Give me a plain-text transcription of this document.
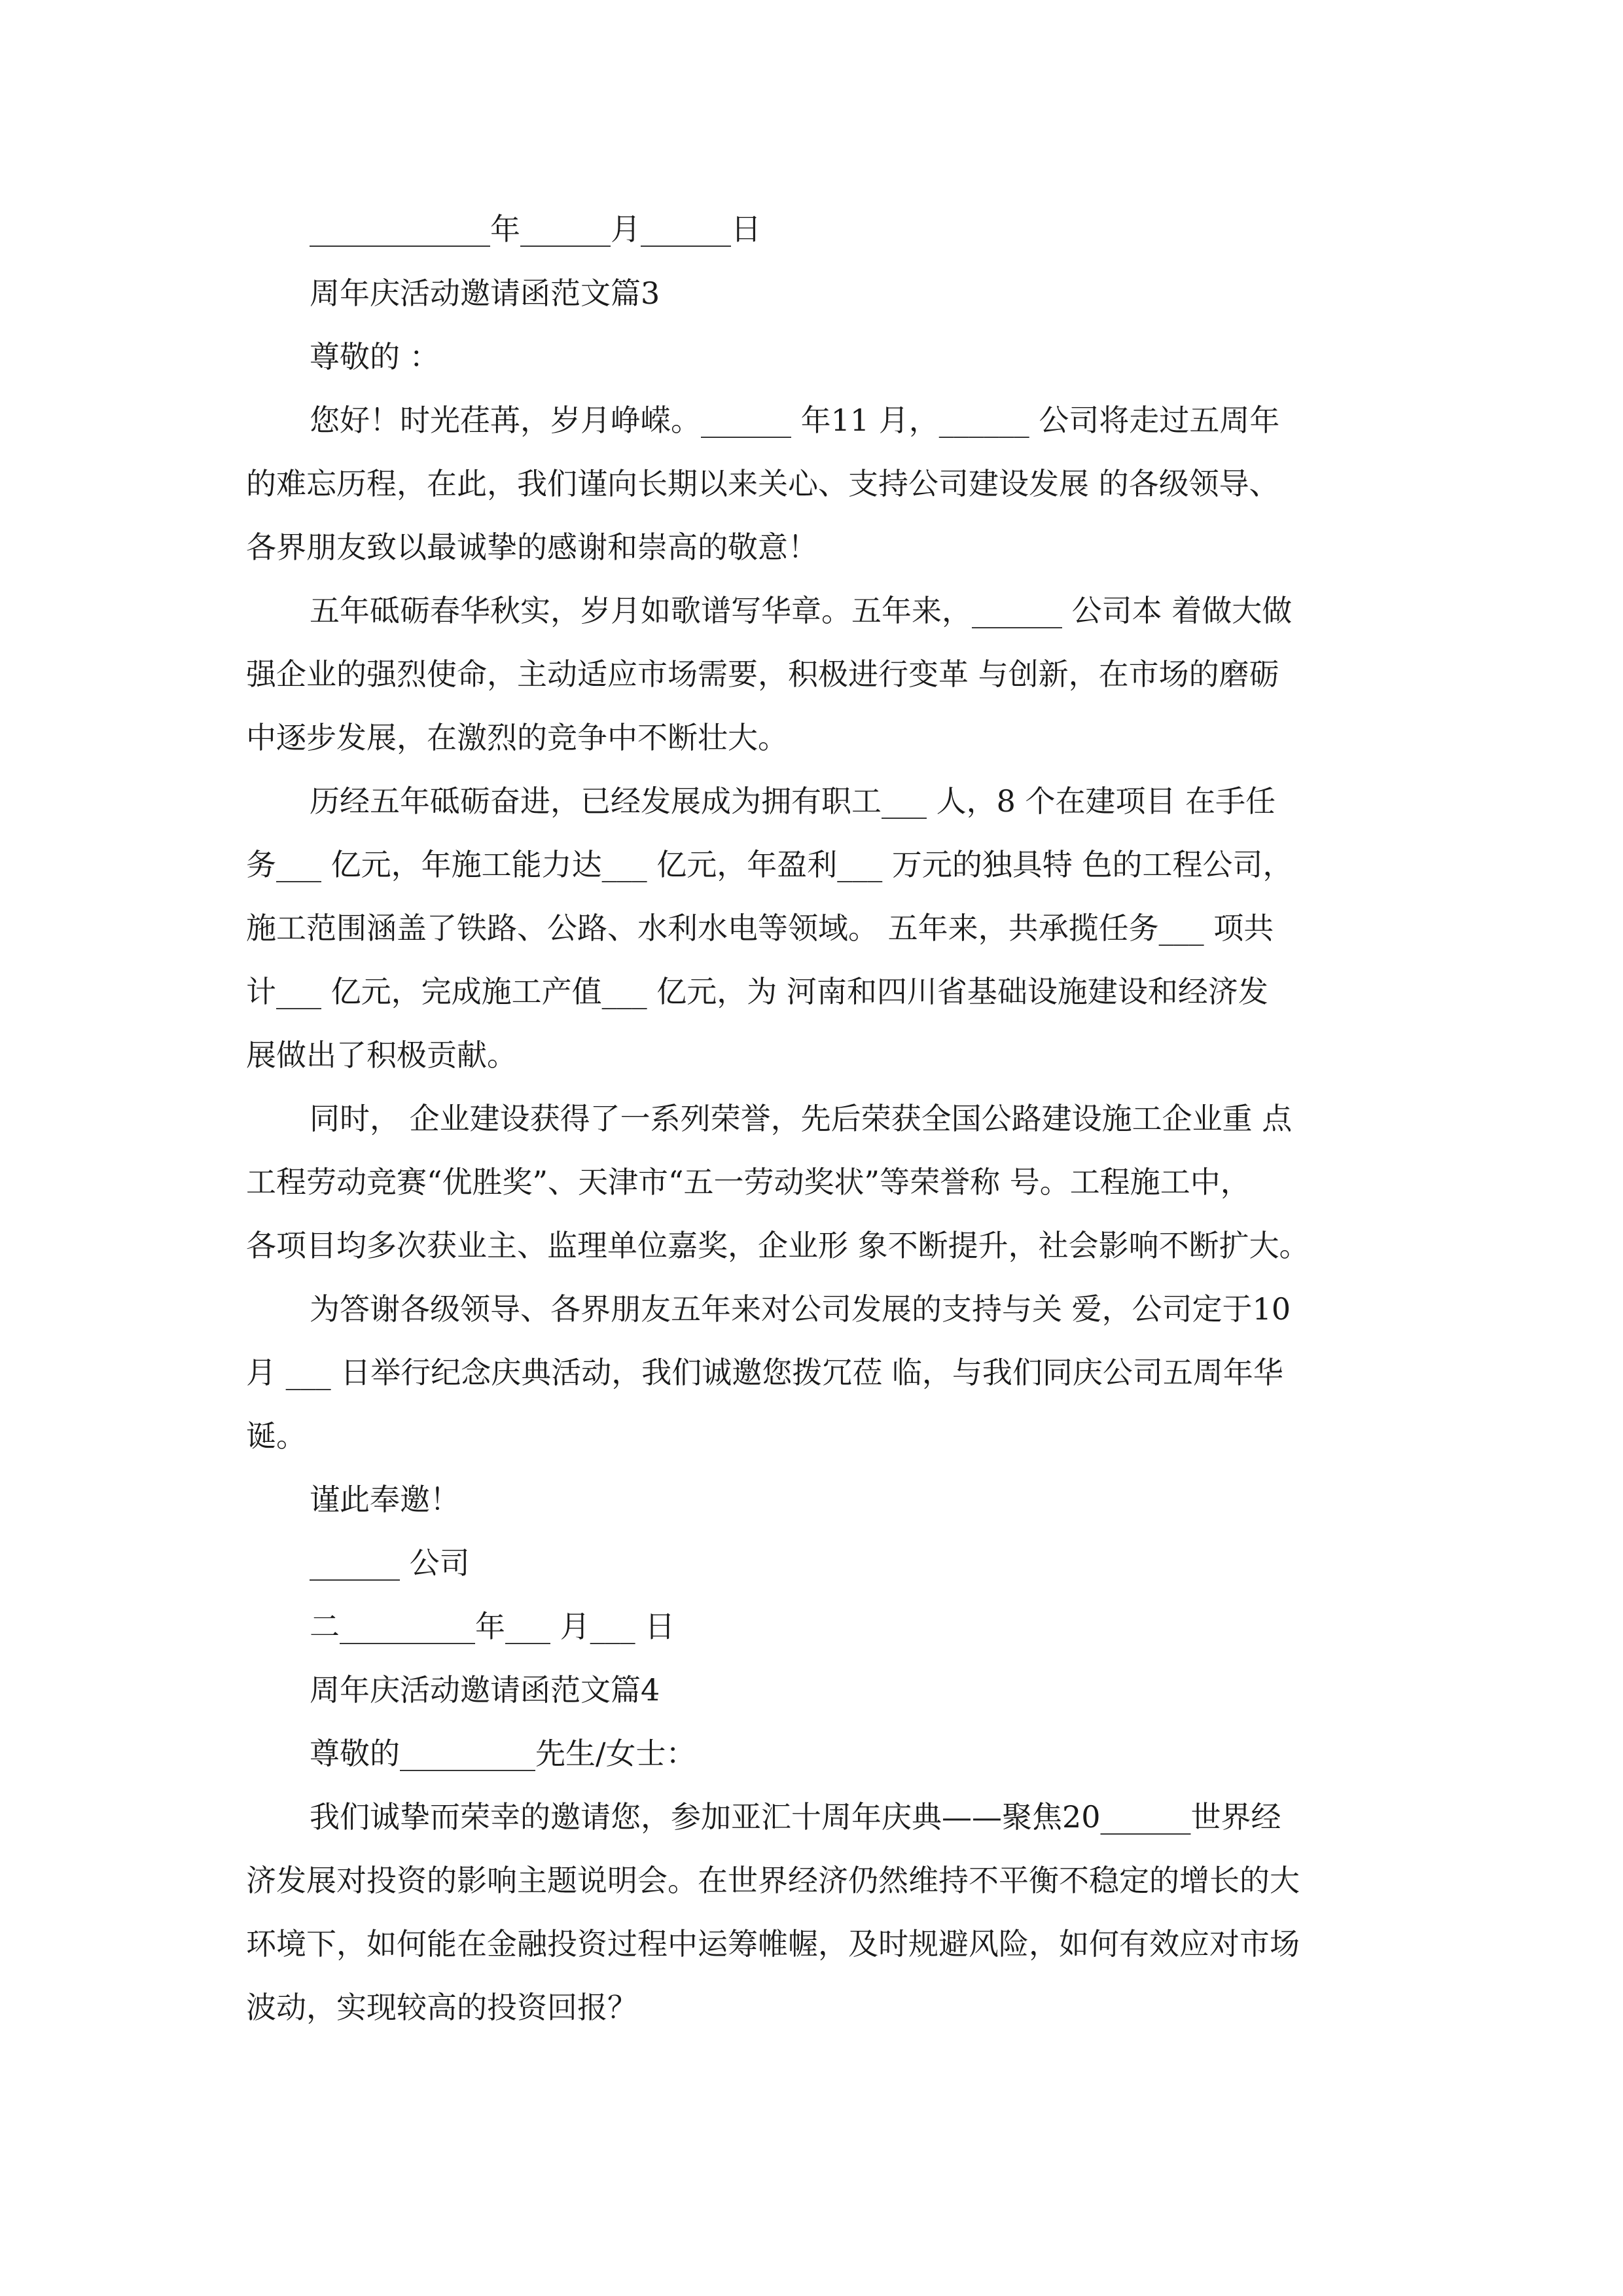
____________年______月______日

周年庆活动邀请函范文篇3

尊敬的 ：

您好！时光荏苒，岁月峥嵘。______ 年11 月，______ 公司将走过五周年

的难忘历程，在此，我们谨向长期以来关心、支持公司建设发展 的各级领导、

各界朋友致以最诚挚的感谢和崇高的敬意！

五年砥砺春华秋实，岁月如歌谱写华章。五年来，______ 公司本 着做大做

强企业的强烈使命，主动适应市场需要，积极进行变革 与创新，在市场的磨砺

中逐步发展，在激烈的竞争中不断壮大。

历经五年砥砺奋进，已经发展成为拥有职工___ 人，8 个在建项目 在手任

务___ 亿元，年施工能力达___ 亿元，年盈利___ 万元的独具特 色的工程公司，

施工范围涵盖了铁路、公路、水利水电等领域。 五年来，共承揽任务___ 项共

计___ 亿元，完成施工产值___ 亿元，为 河南和四川省基础设施建设和经济发

展做出了积极贡献。

同时， 企业建设获得了一系列荣誉，先后荣获全国公路建设施工企业重 点

工程劳动竞赛“优胜奖”、天津市“五一劳动奖状”等荣誉称 号。工程施工中，

各项目均多次获业主、监理单位嘉奖，企业形 象不断提升，社会影响不断扩大。

为答谢各级领导、各界朋友五年来对公司发展的支持与关 爱，公司定于10

月 ___ 日举行纪念庆典活动，我们诚邀您拨冗莅 临，与我们同庆公司五周年华

诞。

谨此奉邀！

______ 公司

二_________年___ 月___ 日

周年庆活动邀请函范文篇4

尊敬的_________先生/女士：

我们诚挚而荣幸的邀请您，参加亚汇十周年庆典——聚焦20______世界经

济发展对投资的影响主题说明会。在世界经济仍然维持不平衡不稳定的增长的大

环境下，如何能在金融投资过程中运筹帷幄，及时规避风险，如何有效应对市场

波动，实现较高的投资回报？
